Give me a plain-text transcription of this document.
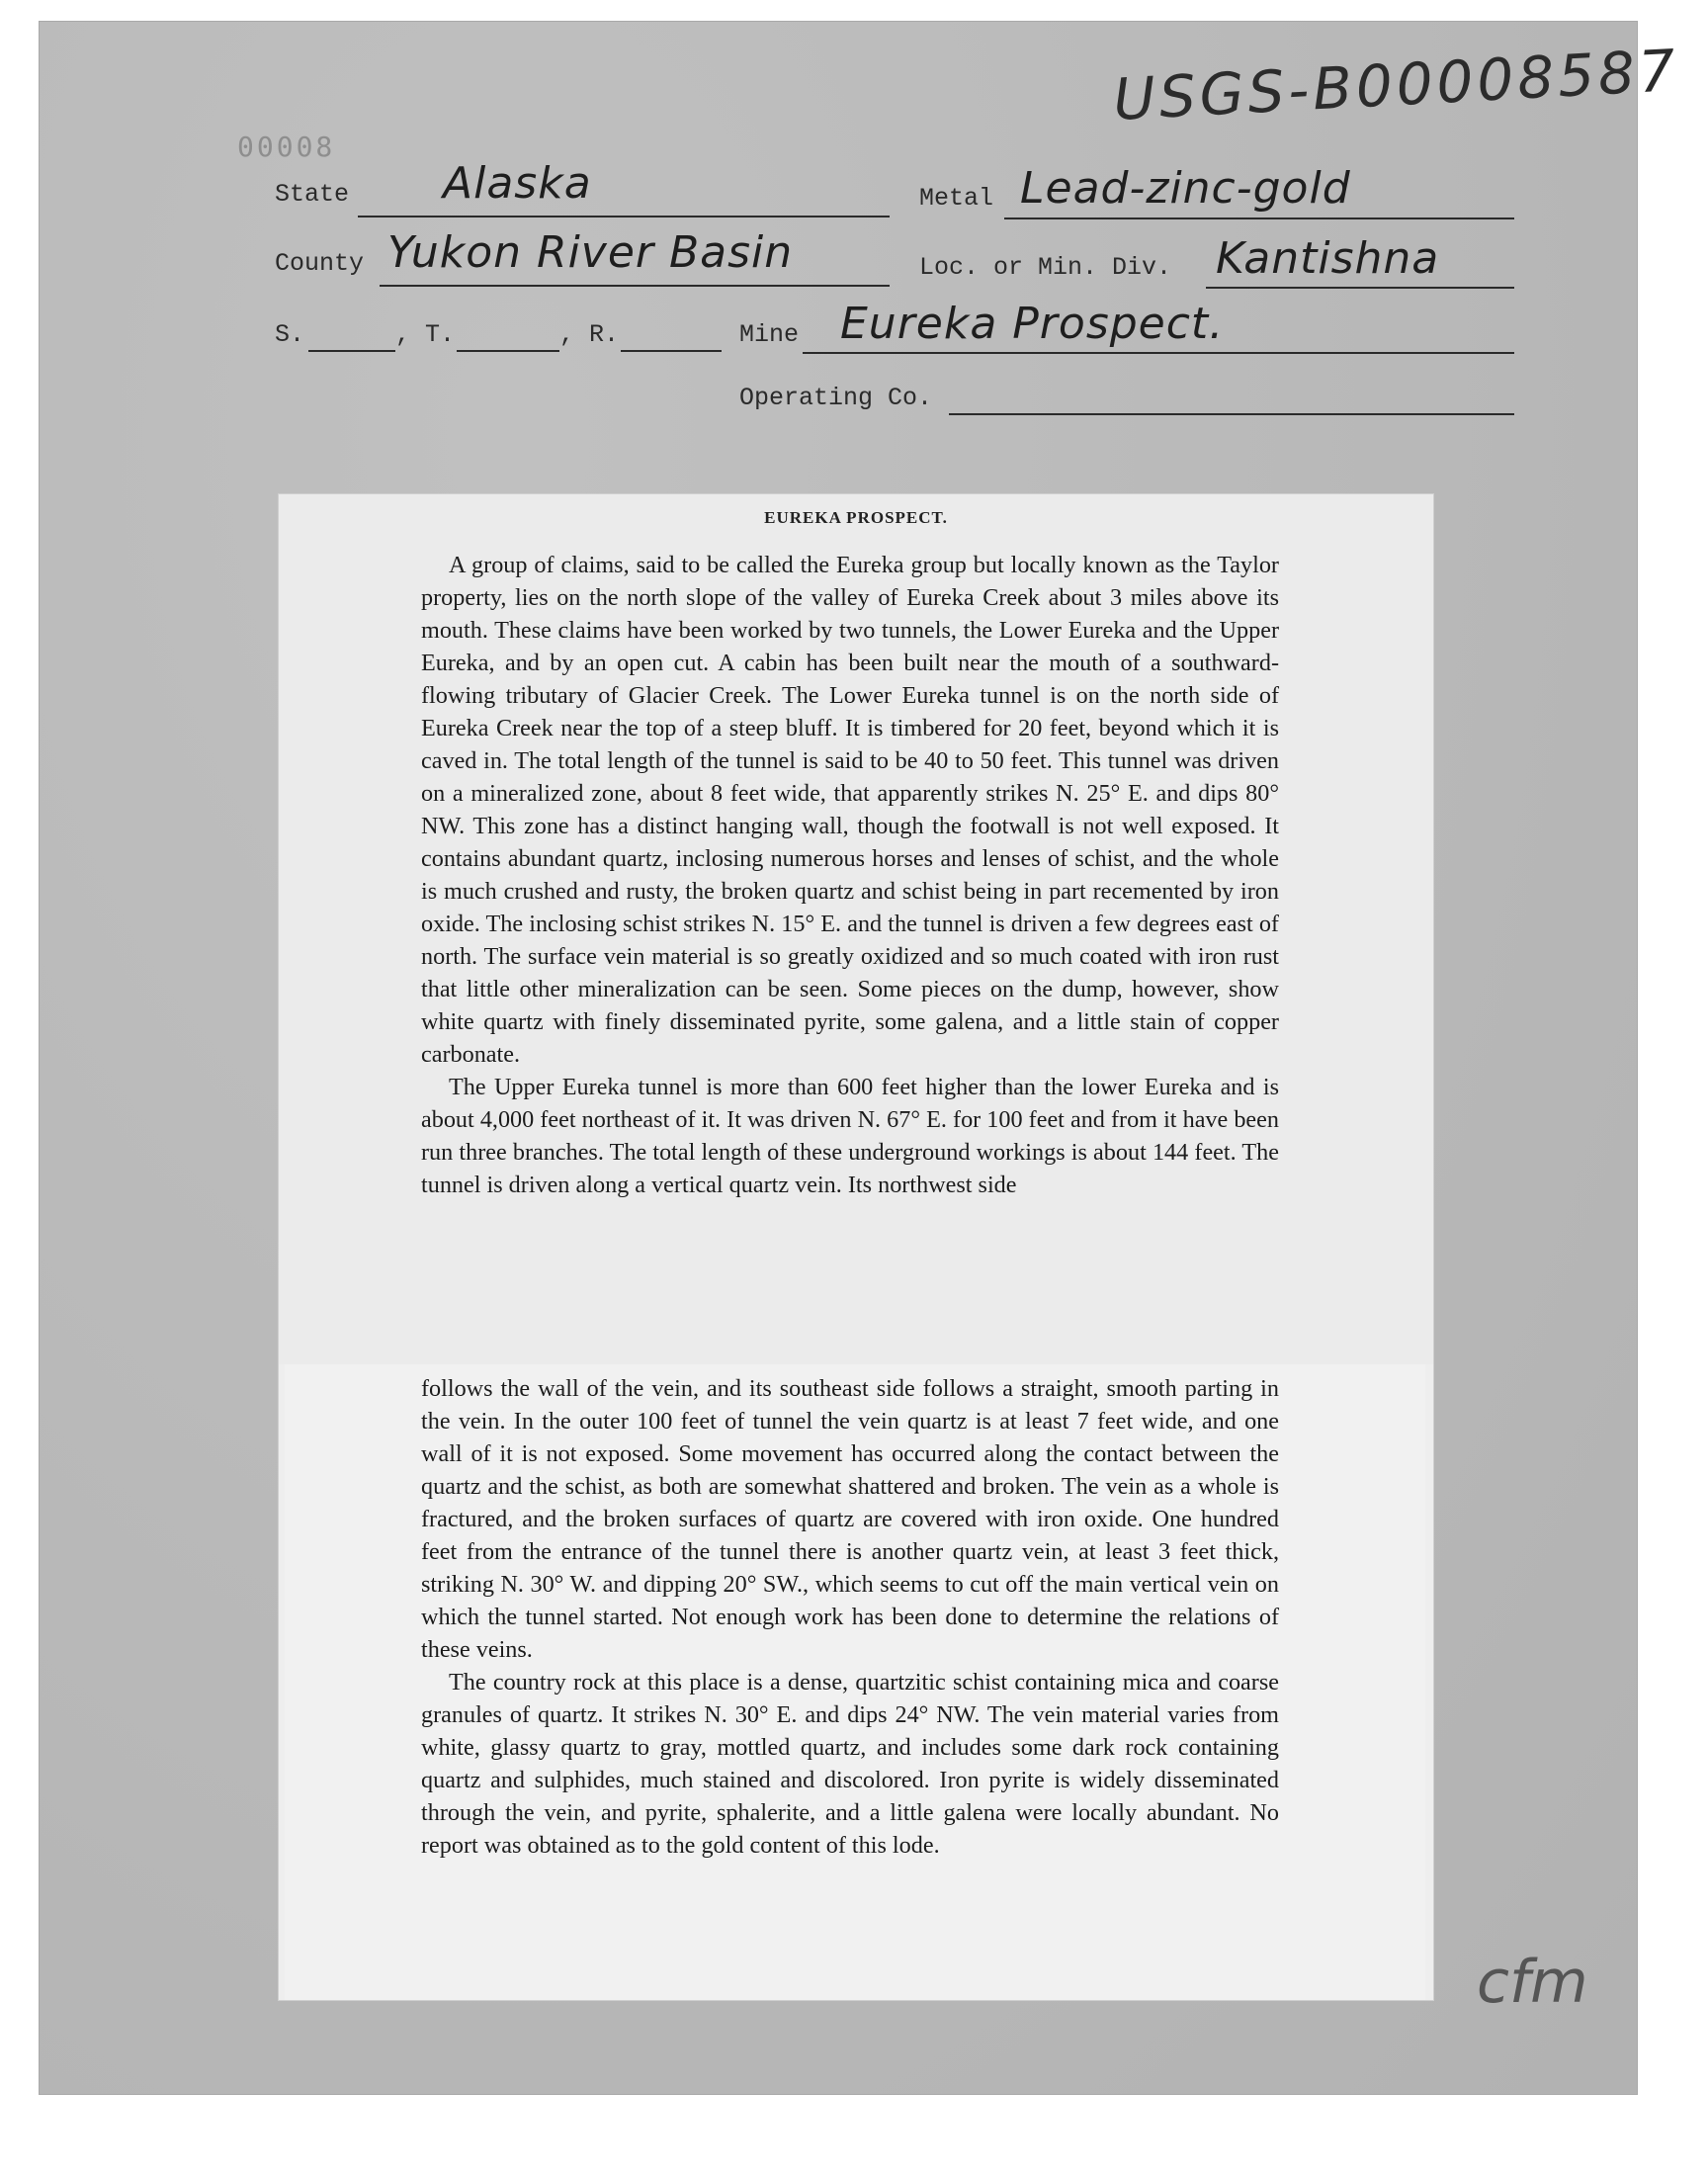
USGS-B00008587
00008
State Alaska	Metal Lead-zinc-gold
County Yukon River Basin	Loc. or Min. Div. Kantishna
S.	, T.	, R.	Mine Eureka Prospect.
Operating Co.
EUREKA PROSPECT.

A group of claims, said to be called the Eureka group but locally known as the Taylor property, lies on the north slope of the valley of Eureka Creek about 3 miles above its mouth. These claims have been worked by two tunnels, the Lower Eureka and the Upper Eureka, and by an open cut. A cabin has been built near the mouth of a southward-flowing tributary of Glacier Creek. The Lower Eureka tunnel is on the north side of Eureka Creek near the top of a steep bluff. It is timbered for 20 feet, beyond which it is caved in. The total length of the tunnel is said to be 40 to 50 feet. This tunnel was driven on a mineralized zone, about 8 feet wide, that apparently strikes N. 25° E. and dips 80° NW. This zone has a distinct hanging wall, though the footwall is not well exposed. It contains abundant quartz, inclosing numerous horses and lenses of schist, and the whole is much crushed and rusty, the broken quartz and schist being in part recemented by iron oxide. The inclosing schist strikes N. 15° E. and the tunnel is driven a few degrees east of north. The surface vein material is so greatly oxidized and so much coated with iron rust that little other mineralization can be seen. Some pieces on the dump, however, show white quartz with finely disseminated pyrite, some galena, and a little stain of copper carbonate.

The Upper Eureka tunnel is more than 600 feet higher than the lower Eureka and is about 4,000 feet northeast of it. It was driven N. 67° E. for 100 feet and from it have been run three branches. The total length of these underground workings is about 144 feet. The tunnel is driven along a vertical quartz vein. Its northwest side

follows the wall of the vein, and its southeast side follows a straight, smooth parting in the vein. In the outer 100 feet of tunnel the vein quartz is at least 7 feet wide, and one wall of it is not exposed. Some movement has occurred along the contact between the quartz and the schist, as both are somewhat shattered and broken. The vein as a whole is fractured, and the broken surfaces of quartz are covered with iron oxide. One hundred feet from the entrance of the tunnel there is another quartz vein, at least 3 feet thick, striking N. 30° W. and dipping 20° SW., which seems to cut off the main vertical vein on which the tunnel started. Not enough work has been done to determine the relations of these veins.

The country rock at this place is a dense, quartzitic schist containing mica and coarse granules of quartz. It strikes N. 30° E. and dips 24° NW. The vein material varies from white, glassy quartz to gray, mottled quartz, and includes some dark rock containing quartz and sulphides, much stained and discolored. Iron pyrite is widely disseminated through the vein, and pyrite, sphalerite, and a little galena were locally abundant. No report was obtained as to the gold content of this lode.

cfm
